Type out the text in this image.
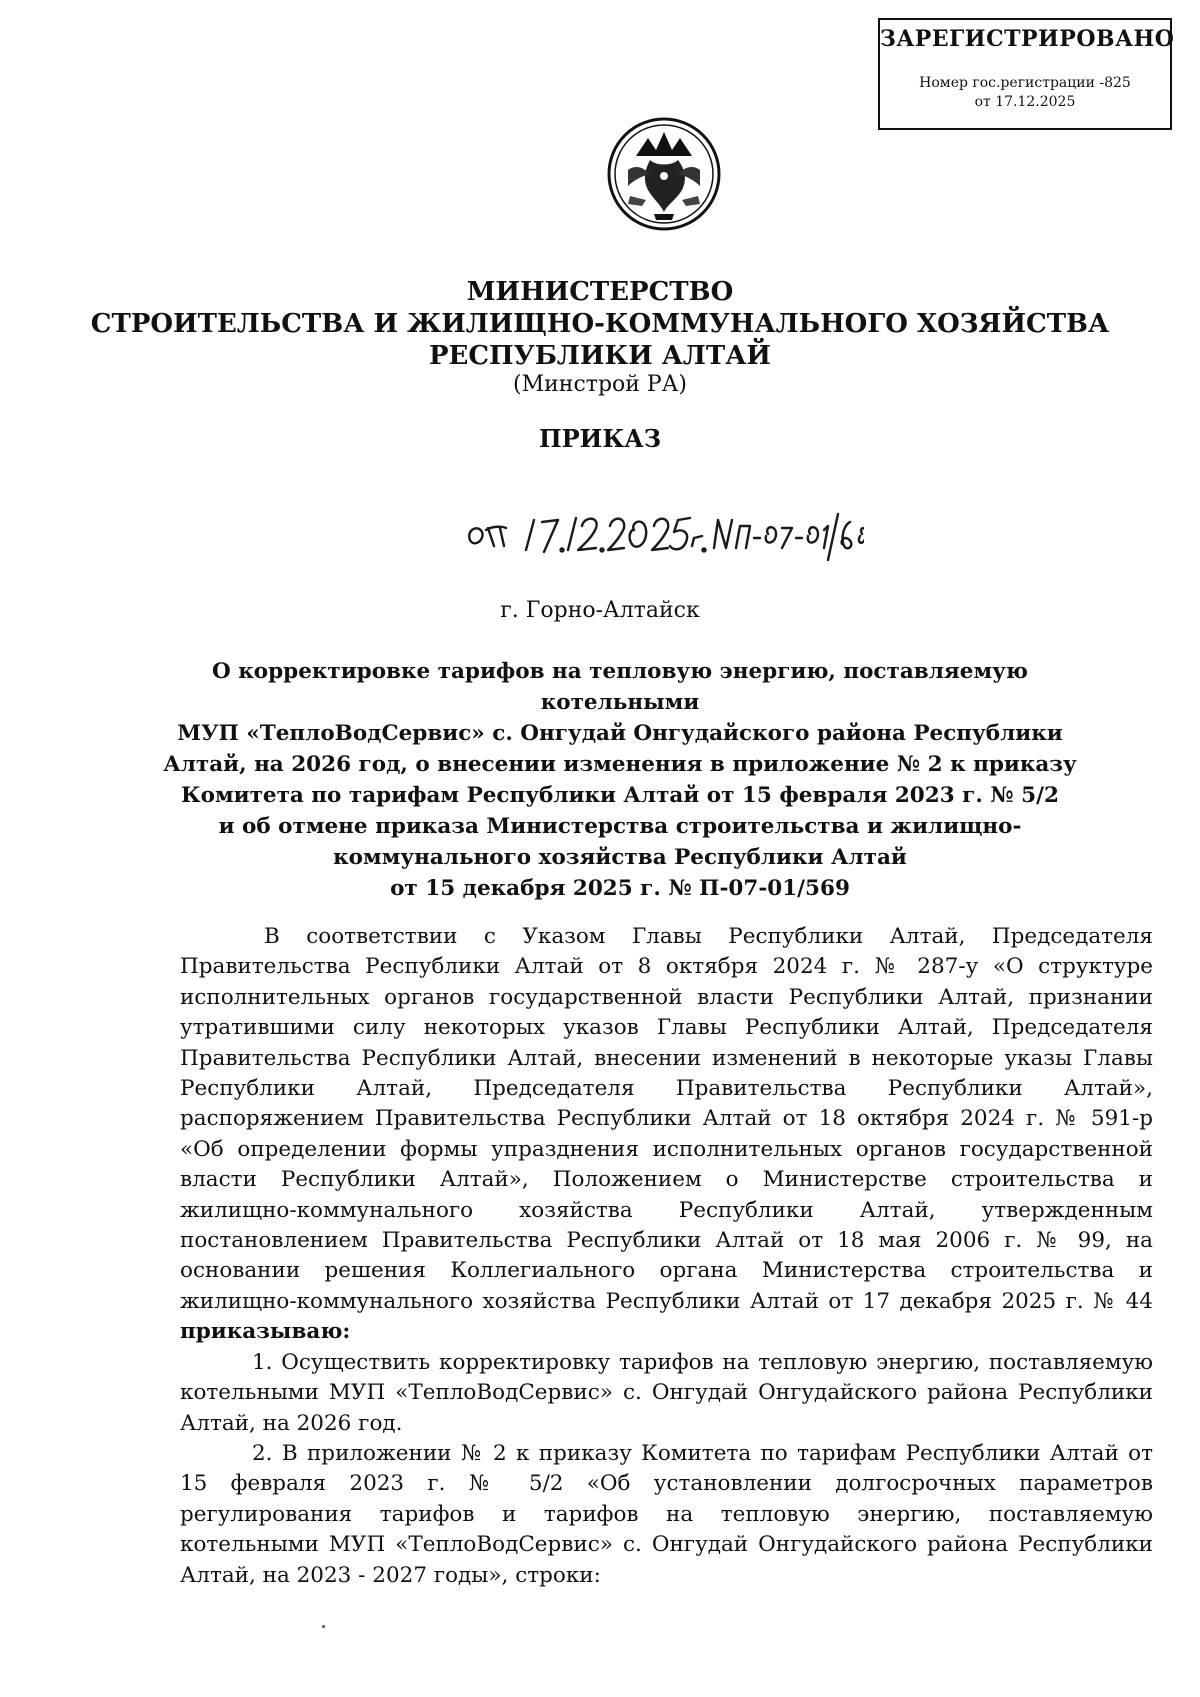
ЗАРЕГИСТРИРОВАНО
Номер гос.регистрации -825
от 17.12.2025
МИНИСТЕРСТВО
СТРОИТЕЛЬСТВА И ЖИЛИЩНО-КОММУНАЛЬНОГО ХОЗЯЙСТВА
РЕСПУБЛИКИ АЛТАЙ
(Минстрой РА)
ПРИКАЗ
г. Горно-Алтайск
О корректировке тарифов на тепловую энергию, поставляемую котельными
МУП «ТеплоВодСервис» с. Онгудай Онгудайского района Республики
Алтай, на 2026 год, о внесении изменения в приложение № 2 к приказу
Комитета по тарифам Республики Алтай от 15 февраля 2023 г. № 5/2
и об отмене приказа Министерства строительства и жилищно-
коммунального хозяйства Республики Алтай
от 15 декабря 2025 г. № П-07-01/569

В соответствии с Указом Главы Республики Алтай, Председателя Правительства Республики Алтай от 8 октября 2024 г. № 287-у «О структуре исполнительных органов государственной власти Республики Алтай, признании утратившими силу некоторых указов Главы Республики Алтай, Председателя Правительства Республики Алтай, внесении изменений в некоторые указы Главы Республики Алтай, Председателя Правительства Республики Алтай», распоряжением Правительства Республики Алтай от 18 октября 2024 г. № 591-р «Об определении формы упразднения исполнительных органов государственной власти Республики Алтай», Положением о Министерстве строительства и жилищно-коммунального хозяйства Республики Алтай, утвержденным постановлением Правительства Республики Алтай от 18 мая 2006 г. № 99, на основании решения Коллегиального органа Министерства строительства и жилищно-коммунального хозяйства Республики Алтай от 17 декабря 2025 г. № 44 приказываю:

1. Осуществить корректировку тарифов на тепловую энергию, поставляемую котельными МУП «ТеплоВодСервис» с. Онгудай Онгудайского района Республики Алтай, на 2026 год.

2. В приложении № 2 к приказу Комитета по тарифам Республики Алтай от 15 февраля 2023 г. № 5/2 «Об установлении долгосрочных параметров регулирования тарифов и тарифов на тепловую энергию, поставляемую котельными МУП «ТеплоВодСервис» с. Онгудай Онгудайского района Республики Алтай, на 2023 - 2027 годы», строки:
